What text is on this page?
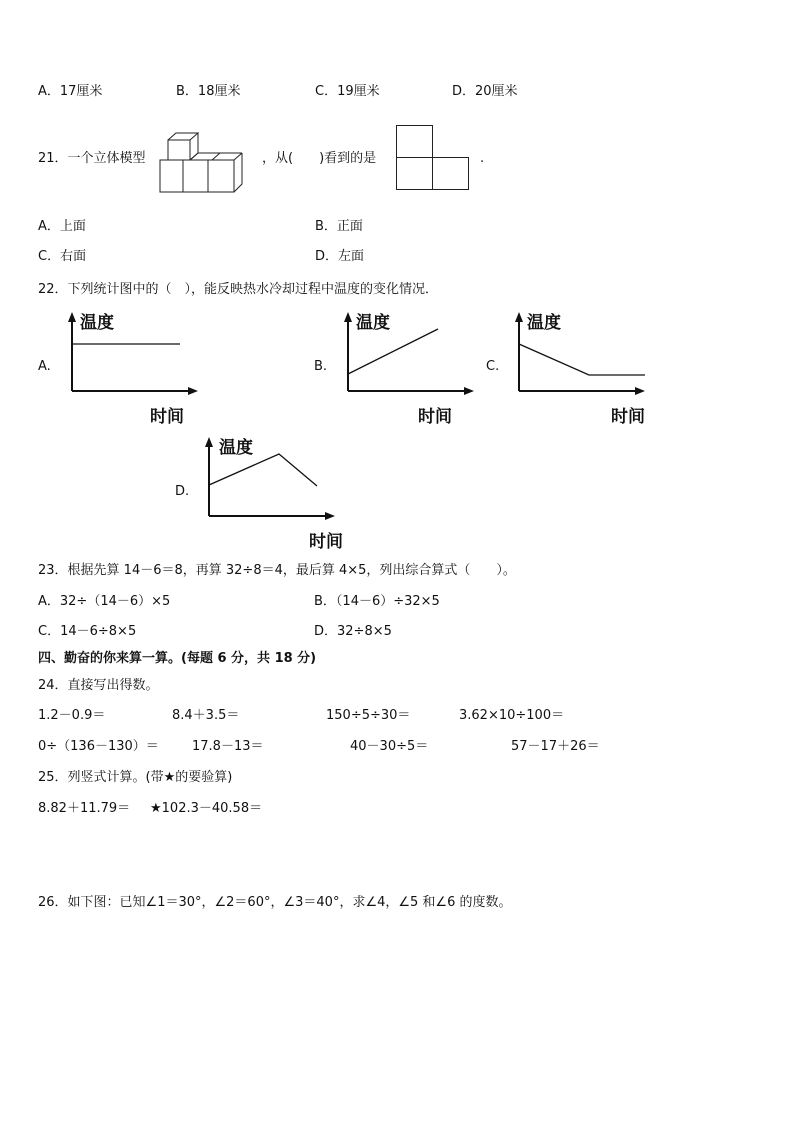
A．17厘米	B．18厘米	C．19厘米	D．20厘米
21．一个立体模型	，从(　　)看到的是	.
A．上面	B．正面
C．右面	D．左面
22．下列统计图中的（　），能反映热水冷却过程中温度的变化情况．
A.
温度
时间
B.
温度
时间
C.
温度
时间
D.
温度
时间
23．根据先算 14－6＝8，再算 32÷8＝4，最后算 4×5，列出综合算式（　　）。
A．32÷（14－6）×5	B．（14－6）÷32×5
C．14－6÷8×5	D．32÷8×5
四、勤奋的你来算一算。(每题 6 分，共 18 分)
24．直接写出得数。
1.2－0.9＝	8.4＋3.5＝	150÷5÷30＝	3.62×10÷100＝
0÷（136－130）＝	17.8－13＝	40－30÷5＝	57－17＋26＝
25．列竖式计算。(带★的要验算)
8.82＋11.79＝ ★102.3－40.58＝
26．如下图：已知∠1＝30°，∠2＝60°，∠3＝40°，求∠4，∠5 和∠6 的度数。
